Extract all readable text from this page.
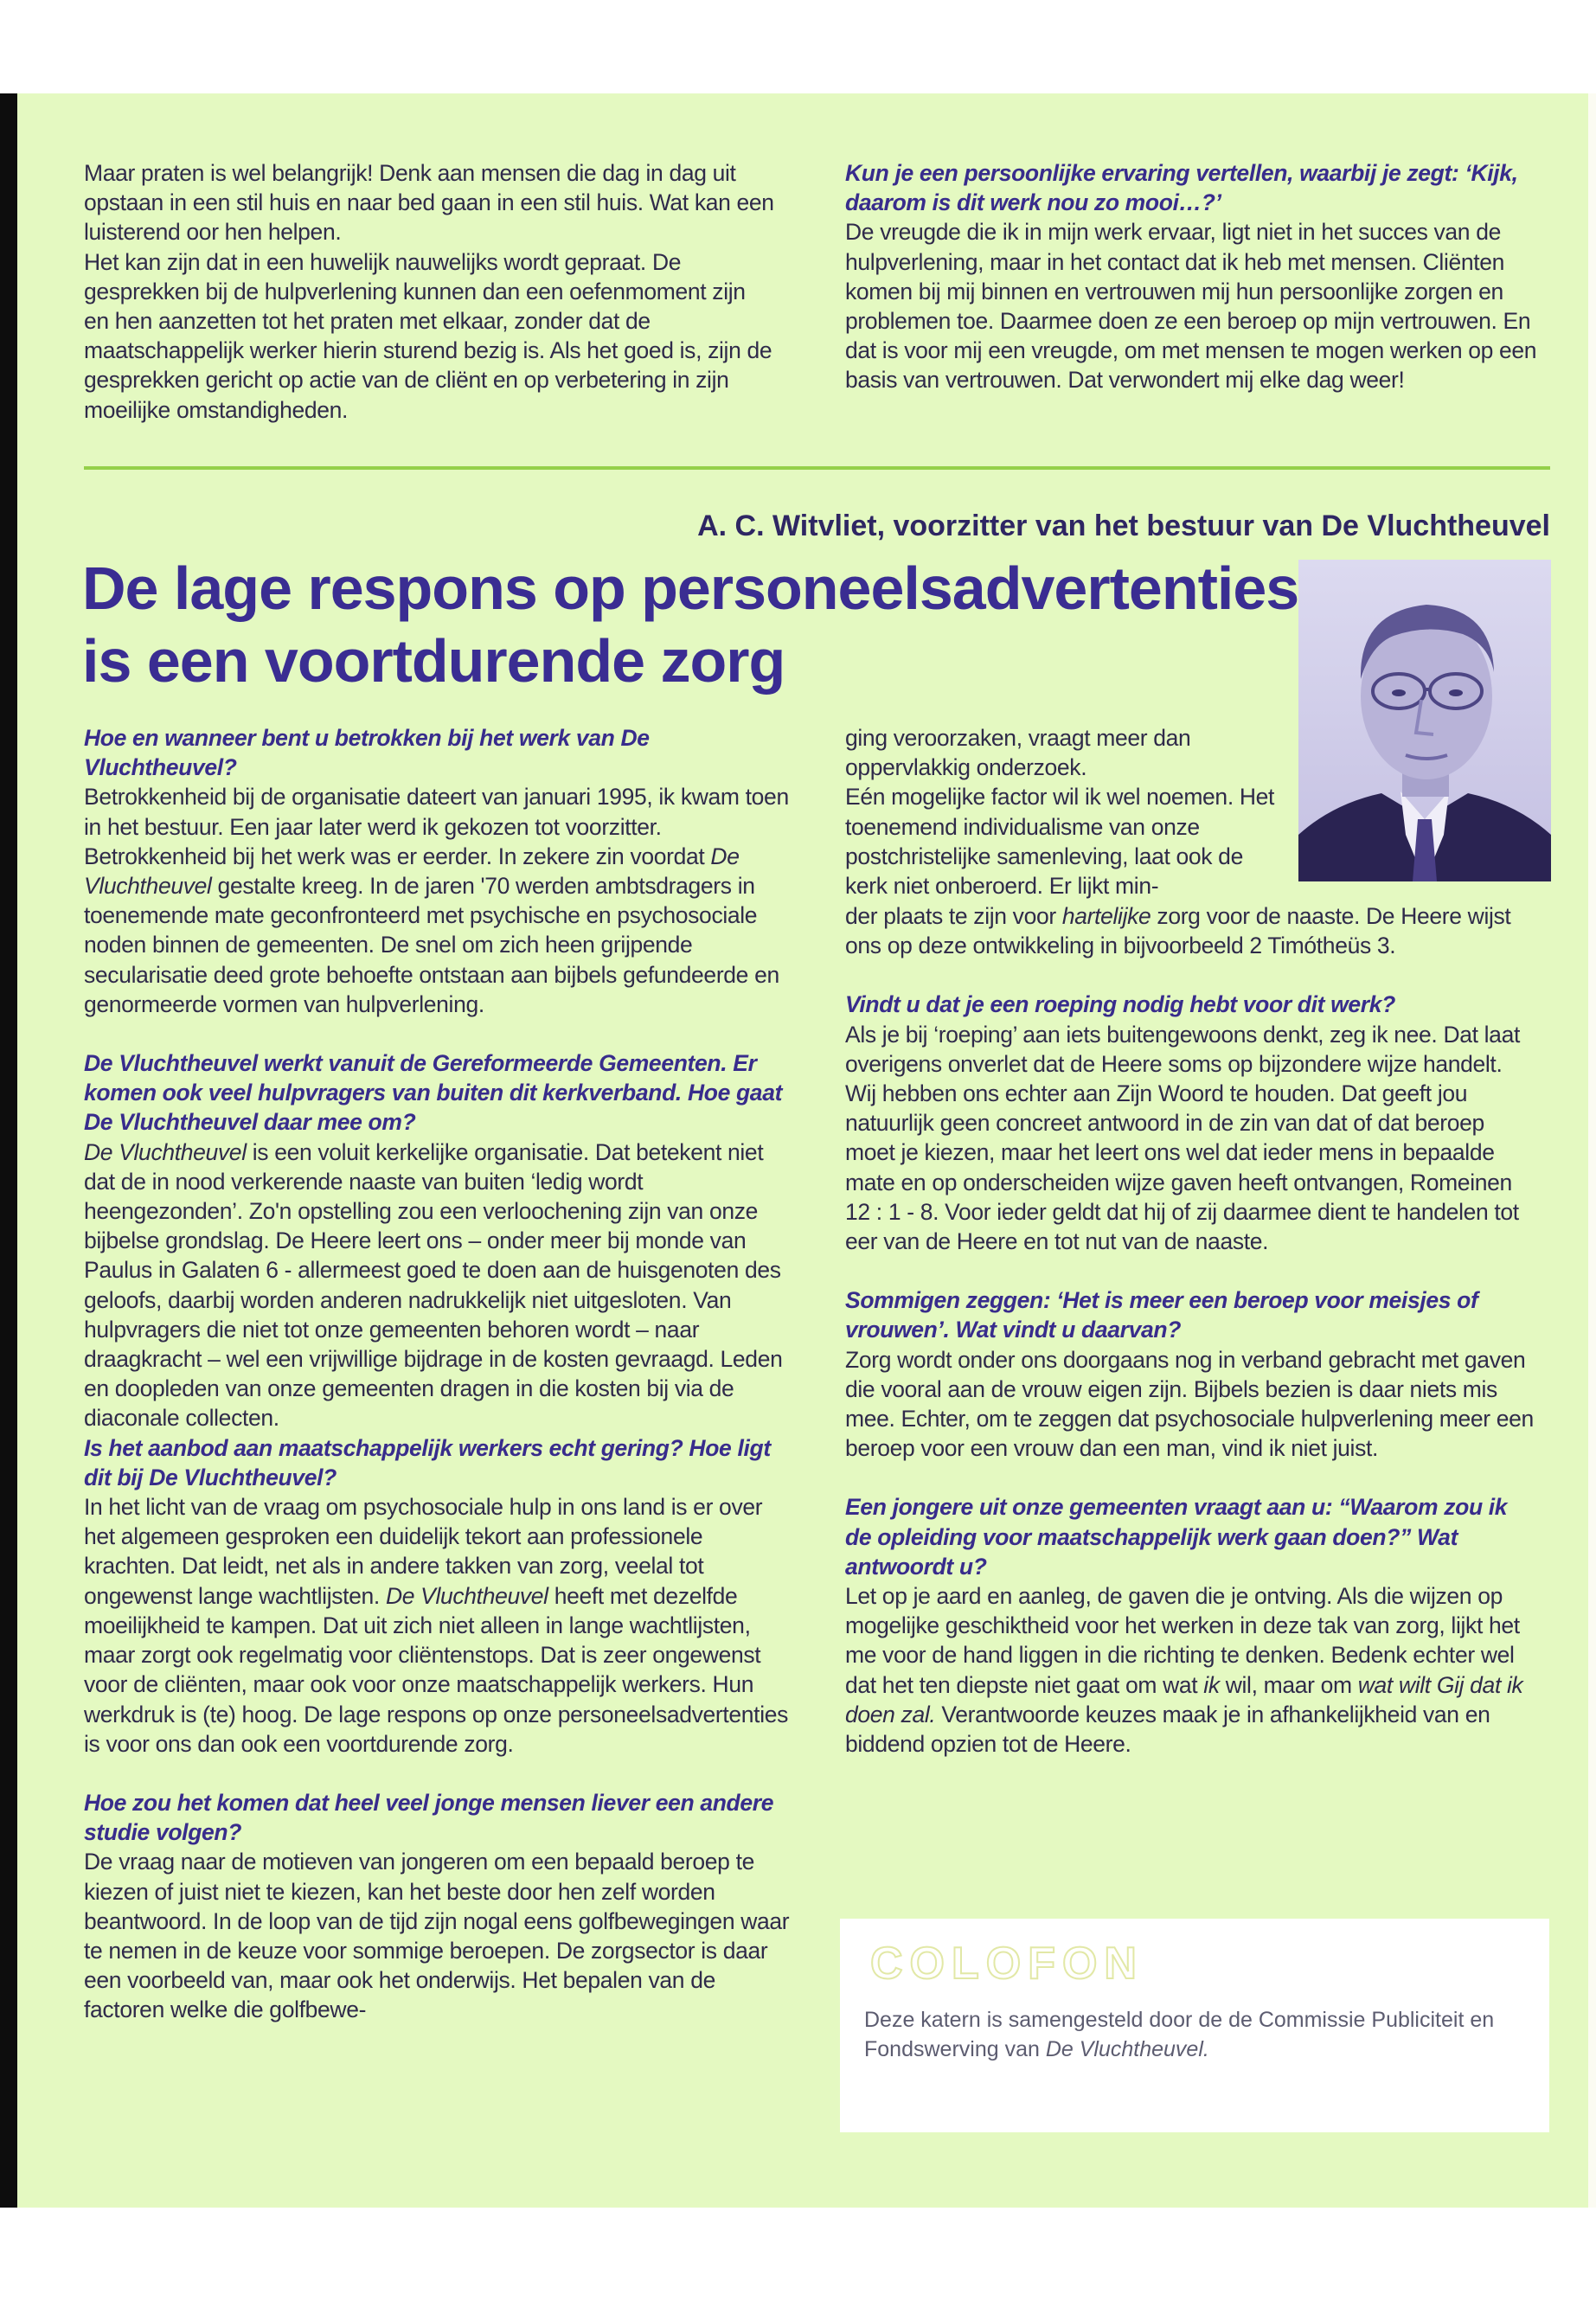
Maar praten is wel belangrijk! Denk aan mensen die dag in dag uit opstaan in een stil huis en naar bed gaan in een stil huis. Wat kan een luisterend oor hen helpen.

Het kan zijn dat in een huwelijk nauwelijks wordt gepraat. De gesprekken bij de hulpverlening kunnen dan een oefenmoment zijn en hen aanzetten tot het praten met elkaar, zonder dat de maatschappelijk werker hierin sturend bezig is. Als het goed is, zijn de gesprekken gericht op actie van de cliënt en op verbetering in zijn moeilijke omstandigheden.

Kun je een persoonlijke ervaring vertellen, waarbij je zegt: ‘Kijk, daarom is dit werk nou zo mooi…?’

De vreugde die ik in mijn werk ervaar, ligt niet in het succes van de hulpverlening, maar in het contact dat ik heb met mensen. Cliënten komen bij mij binnen en vertrouwen mij hun persoonlijke zorgen en problemen toe. Daarmee doen ze een beroep op mijn vertrouwen. En dat is voor mij een vreugde, om met mensen te mogen werken op een basis van vertrouwen. Dat verwondert mij elke dag weer!

A. C. Witvliet, voorzitter van het bestuur van De Vluchtheuvel
De lage respons op personeelsadvertenties
is een voortdurende zorg

Hoe en wanneer bent u betrokken bij het werk van De Vluchtheuvel?

Betrokkenheid bij de organisatie dateert van januari 1995, ik kwam toen in het bestuur. Een jaar later werd ik gekozen tot voorzitter. Betrokkenheid bij het werk was er eerder. In zekere zin voordat De Vluchtheuvel gestalte kreeg. In de jaren '70 werden ambtsdragers in toenemende mate geconfronteerd met psychische en psychosociale noden binnen de gemeenten. De snel om zich heen grijpende secularisatie deed grote behoefte ontstaan aan bijbels gefundeerde en genormeerde vormen van hulpverlening.

De Vluchtheuvel werkt vanuit de Gereformeerde Gemeenten. Er komen ook veel hulpvragers van buiten dit kerkverband. Hoe gaat De Vluchtheuvel daar mee om?

De Vluchtheuvel is een voluit kerkelijke organisatie. Dat betekent niet dat de in nood verkerende naaste van buiten ‘ledig wordt heengezonden’. Zo'n opstelling zou een verloochening zijn van onze bijbelse grondslag. De Heere leert ons – onder meer bij monde van Paulus in Galaten 6 - allermeest goed te doen aan de huisgenoten des geloofs, daarbij worden anderen nadrukkelijk niet uitgesloten. Van hulpvragers die niet tot onze gemeenten behoren wordt – naar draagkracht – wel een vrijwillige bijdrage in de kosten gevraagd. Leden en doopleden van onze gemeenten dragen in die kosten bij via de diaconale collecten.

Is het aanbod aan maatschappelijk werkers echt gering? Hoe ligt dit bij De Vluchtheuvel?

In het licht van de vraag om psychosociale hulp in ons land is er over het algemeen gesproken een duidelijk tekort aan professionele krachten. Dat leidt, net als in andere takken van zorg, veelal tot ongewenst lange wachtlijsten. De Vluchtheuvel heeft met dezelfde moeilijkheid te kampen. Dat uit zich niet alleen in lange wachtlijsten, maar zorgt ook regelmatig voor cliëntenstops. Dat is zeer ongewenst voor de cliënten, maar ook voor onze maatschappelijk werkers. Hun werkdruk is (te) hoog. De lage respons op onze personeelsadvertenties is voor ons dan ook een voortdurende zorg.

Hoe zou het komen dat heel veel jonge mensen liever een andere studie volgen?

De vraag naar de motieven van jongeren om een bepaald beroep te kiezen of juist niet te kiezen, kan het beste door hen zelf worden beantwoord. In de loop van de tijd zijn nogal eens golfbewegingen waar te nemen in de keuze voor sommige beroepen. De zorgsector is daar een voorbeeld van, maar ook het onderwijs. Het bepalen van de factoren welke die golfbewe-

ging veroorzaken, vraagt meer dan oppervlakkig onderzoek.

Eén mogelijke factor wil ik wel noemen. Het toenemend individualisme van onze postchristelijke samenleving, laat ook de kerk niet onberoerd. Er lijkt min-

der plaats te zijn voor hartelijke zorg voor de naaste. De Heere wijst ons op deze ontwikkeling in bijvoorbeeld 2 Timótheüs 3.

Vindt u dat je een roeping nodig hebt voor dit werk?

Als je bij ‘roeping’ aan iets buitengewoons denkt, zeg ik nee. Dat laat overigens onverlet dat de Heere soms op bijzondere wijze handelt. Wij hebben ons echter aan Zijn Woord te houden. Dat geeft jou natuurlijk geen concreet antwoord in de zin van dat of dat beroep moet je kiezen, maar het leert ons wel dat ieder mens in bepaalde mate en op onderscheiden wijze gaven heeft ontvangen, Romeinen 12 : 1 - 8. Voor ieder geldt dat hij of zij daarmee dient te handelen tot eer van de Heere en tot nut van de naaste.

Sommigen zeggen: ‘Het is meer een beroep voor meisjes of vrouwen’. Wat vindt u daarvan?

Zorg wordt onder ons doorgaans nog in verband gebracht met gaven die vooral aan de vrouw eigen zijn. Bijbels bezien is daar niets mis mee. Echter, om te zeggen dat psychosociale hulpverlening meer een beroep voor een vrouw dan een man, vind ik niet juist.

Een jongere uit onze gemeenten vraagt aan u: “Waarom zou ik de opleiding voor maatschappelijk werk gaan doen?” Wat antwoordt u?

Let op je aard en aanleg, de gaven die je ontving. Als die wijzen op mogelijke geschiktheid voor het werken in deze tak van zorg, lijkt het me voor de hand liggen in die richting te denken. Bedenk echter wel dat het ten diepste niet gaat om wat ik wil, maar om wat wilt Gij dat ik doen zal. Verantwoorde keuzes maak je in afhankelijkheid van en biddend opzien tot de Heere.

COLOFON

Deze katern is samengesteld door de de Commissie Publiciteit en Fondswerving van De Vluchtheuvel.
